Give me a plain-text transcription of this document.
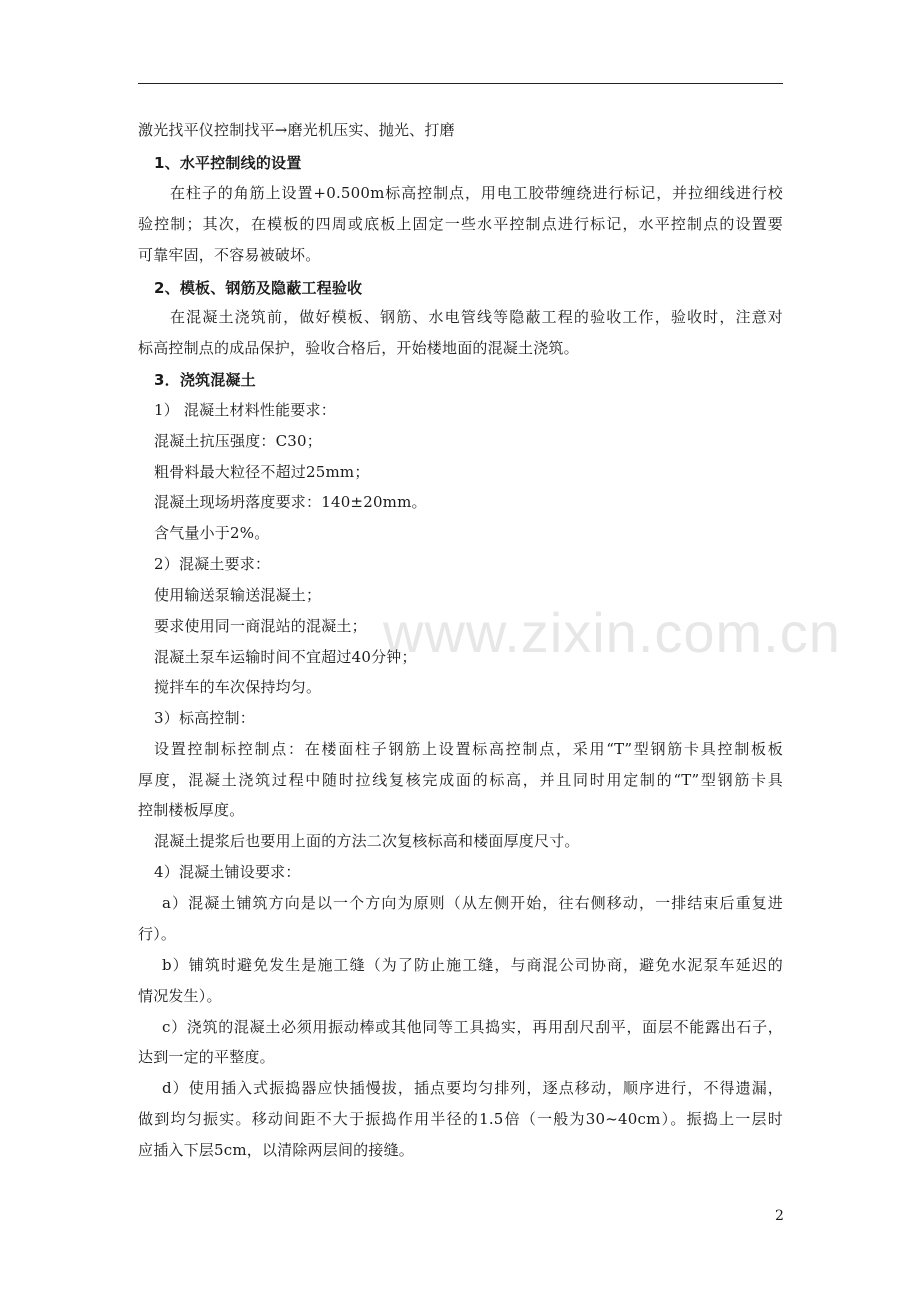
www.zixin.com.cn
激光找平仪控制找平→磨光机压实、抛光、打磨
1、水平控制线的设置
在柱子的角筋上设置+0.500m标高控制点，用电工胶带缠绕进行标记，并拉细线进行校
验控制；其次，在模板的四周或底板上固定一些水平控制点进行标记，水平控制点的设置要
可靠牢固，不容易被破坏。
2、模板、钢筋及隐蔽工程验收
在混凝土浇筑前，做好模板、钢筋、水电管线等隐蔽工程的验收工作，验收时，注意对
标高控制点的成品保护，验收合格后，开始楼地面的混凝土浇筑。
3．浇筑混凝土
1） 混凝土材料性能要求：
混凝土抗压强度：C30；
粗骨料最大粒径不超过25mm；
混凝土现场坍落度要求：140±20mm。
含气量小于2%。
2）混凝土要求：
使用输送泵输送混凝土；
要求使用同一商混站的混凝土；
混凝土泵车运输时间不宜超过40分钟；
搅拌车的车次保持均匀。
3）标高控制：
设置控制标控制点：在楼面柱子钢筋上设置标高控制点，采用“T”型钢筋卡具控制板板
厚度，混凝土浇筑过程中随时拉线复核完成面的标高，并且同时用定制的“T”型钢筋卡具
控制楼板厚度。
混凝土提浆后也要用上面的方法二次复核标高和楼面厚度尺寸。
4）混凝土铺设要求：
a）混凝土铺筑方向是以一个方向为原则（从左侧开始，往右侧移动，一排结束后重复进
行）。
b）铺筑时避免发生是施工缝（为了防止施工缝，与商混公司协商，避免水泥泵车延迟的
情况发生）。
c）浇筑的混凝土必须用振动棒或其他同等工具捣实，再用刮尺刮平，面层不能露出石子，
达到一定的平整度。
d）使用插入式振捣器应快插慢拔，插点要均匀排列，逐点移动，顺序进行，不得遗漏，
做到均匀振实。移动间距不大于振捣作用半径的1.5倍（一般为30~40cm）。振捣上一层时
应插入下层5cm，以清除两层间的接缝。
2
